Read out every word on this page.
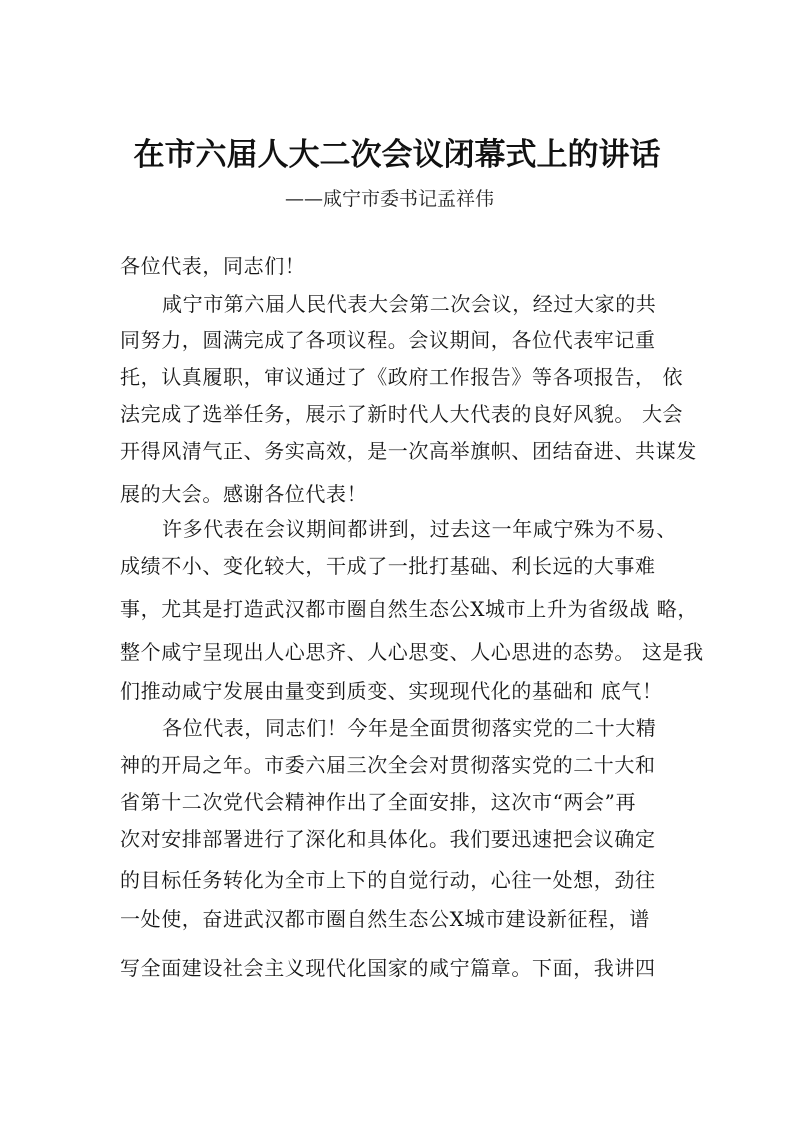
在市六届人大二次会议闭幕式上的讲话
——咸宁市委书记孟祥伟
各位代表，同志们！
咸宁市第六届人民代表大会第二次会议，经过大家的共
同努力，圆满完成了各项议程。会议期间，各位代表牢记重
托，认真履职，审议通过了《政府工作报告》等各项报告， 依
法完成了选举任务，展示了新时代人大代表的良好风貌。 大会
开得风清气正、务实高效，是一次高举旗帜、团结奋进、共谋发
展的大会。感谢各位代表！
许多代表在会议期间都讲到，过去这一年咸宁殊为不易、
成绩不小、变化较大，干成了一批打基础、利长远的大事难
事，尤其是打造武汉都市圈自然生态公X城市上升为省级战 略，
整个咸宁呈现出人心思齐、人心思变、人心思进的态势。 这是我
们推动咸宁发展由量变到质变、实现现代化的基础和 底气！
各位代表，同志们！今年是全面贯彻落实党的二十大精
神的开局之年。市委六届三次全会对贯彻落实党的二十大和
省第十二次党代会精神作出了全面安排，这次市“两会”再
次对安排部署进行了深化和具体化。我们要迅速把会议确定
的目标任务转化为全市上下的自觉行动，心往一处想，劲往
一处使，奋进武汉都市圈自然生态公X城市建设新征程，谱
写全面建设社会主义现代化国家的咸宁篇章。下面，我讲四
